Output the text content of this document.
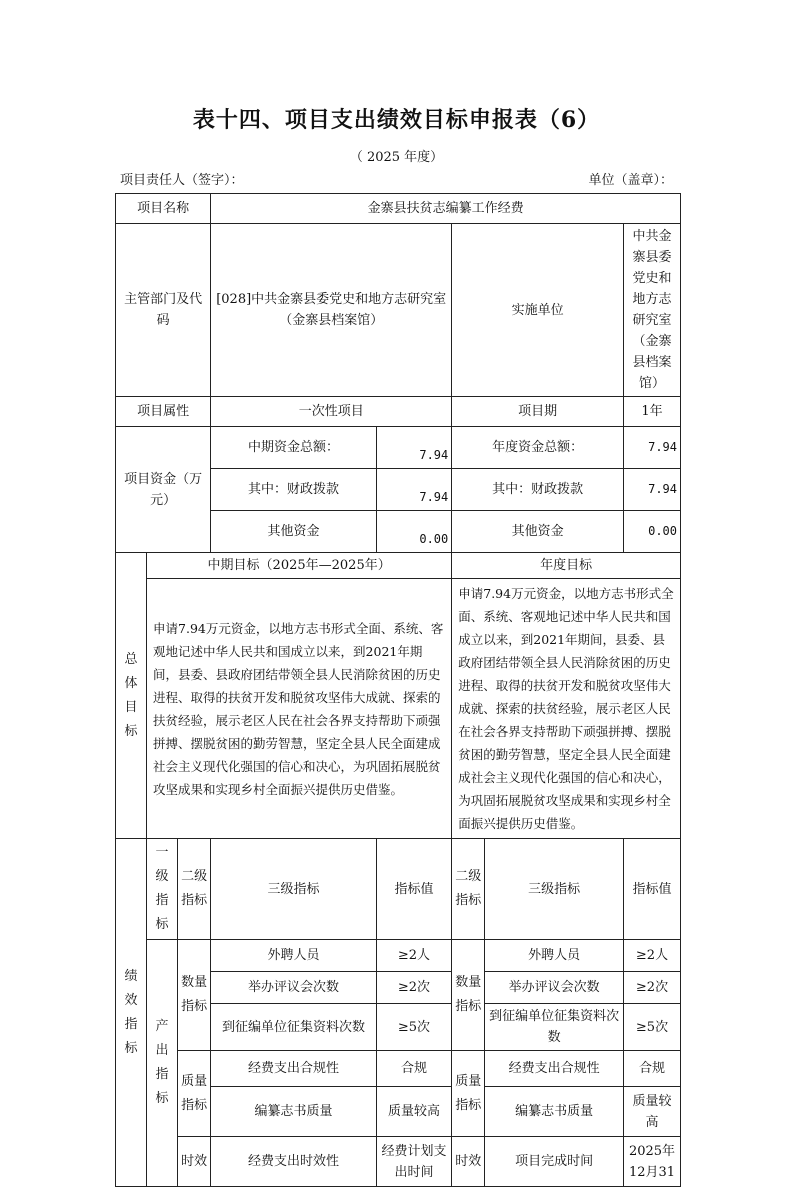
表十四、项目支出绩效目标申报表（6）
（ 2025 年度）
项目责任人（签字）：	单位（盖章）：
项目名称			金寨县扶贫志编纂工作经费				
主管部门及代码			[028]中共金寨县委党史和地方志研究室（金寨县档案馆）		实施单位		中共金寨县委党史和地方志研究室（金寨县档案馆）
项目属性			一次性项目		项目期		1年
项目资金（万元）			中期资金总额：	7.94	年度资金总额：		7.94
			其中：财政拨款	7.94	其中：财政拨款		7.94
			其他资金	0.00	其他资金		0.00
总体目标	中期目标（2025年—2025年）				年度目标		
	申请7.94万元资金，以地方志书形式全面、系统、客观地记述中华人民共和国成立以来，到2021年期间，县委、县政府团结带领全县人民消除贫困的历史进程、取得的扶贫开发和脱贫攻坚伟大成就、探索的扶贫经验，展示老区人民在社会各界支持帮助下顽强拼搏、摆脱贫困的勤劳智慧，坚定全县人民全面建成社会主义现代化强国的信心和决心，为巩固拓展脱贫攻坚成果和实现乡村全面振兴提供历史借鉴。				申请7.94万元资金，以地方志书形式全面、系统、客观地记述中华人民共和国成立以来，到2021年期间，县委、县政府团结带领全县人民消除贫困的历史进程、取得的扶贫开发和脱贫攻坚伟大成就、探索的扶贫经验，展示老区人民在社会各界支持帮助下顽强拼搏、摆脱贫困的勤劳智慧，坚定全县人民全面建成社会主义现代化强国的信心和决心，为巩固拓展脱贫攻坚成果和实现乡村全面振兴提供历史借鉴。		
绩效指标	一级指标	二级指标	三级指标	指标值	二级指标	三级指标	指标值
	产出指标	数量指标	外聘人员	≥2人	数量指标	外聘人员	≥2人
			举办评议会次数	≥2次		举办评议会次数	≥2次
			到征编单位征集资料次数	≥5次		到征编单位征集资料次数	≥5次
		质量指标	经费支出合规性	合规	质量指标	经费支出合规性	合规
			编纂志书质量	质量较高		编纂志书质量	质量较高
		时效	经费支出时效性	经费计划支出时间	时效	项目完成时间	2025年12月31
